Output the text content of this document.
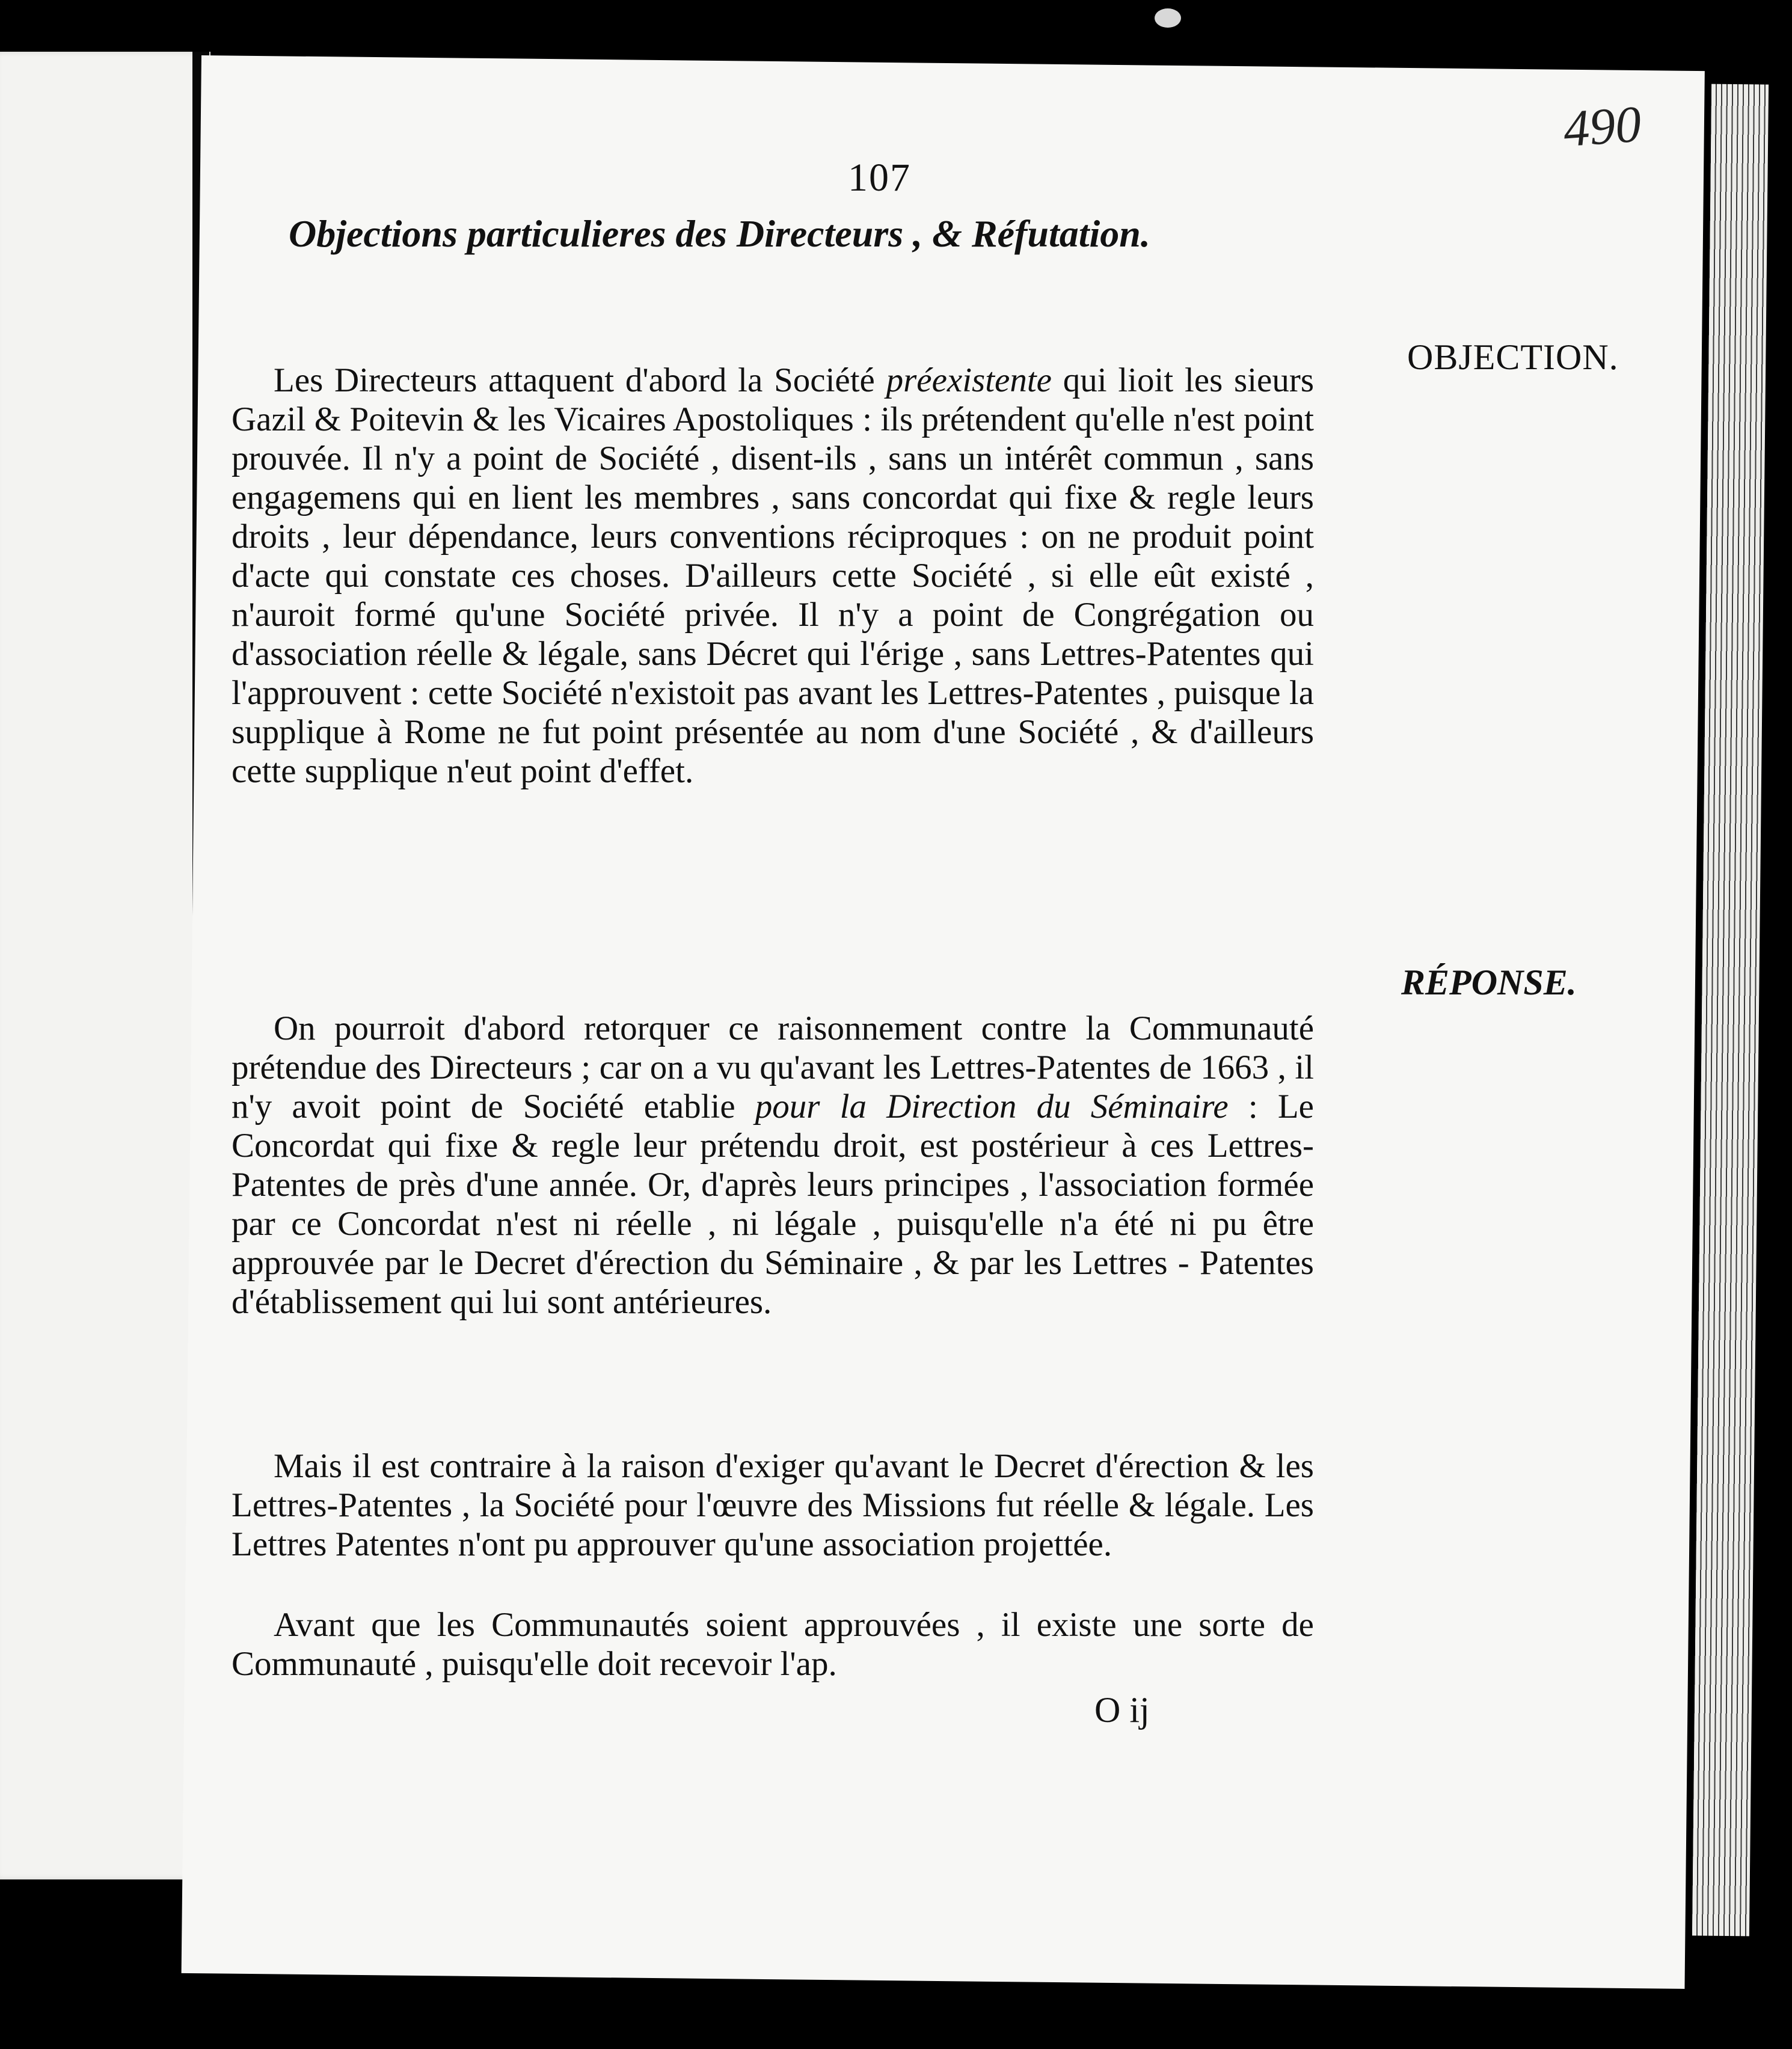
490
107
Objections particulieres des Directeurs , & Réfutation.
OBJECTION.
RÉPONSE.
Les Directeurs attaquent d'abord la Société préexistente qui lioit les sieurs Gazil & Poitevin & les Vicaires Apostoliques : ils prétendent qu'elle n'est point prouvée. Il n'y a point de Société , disent-ils , sans un intérêt commun , sans engagemens qui en lient les membres , sans concordat qui fixe & regle leurs droits , leur dépendance, leurs conventions réciproques : on ne produit point d'acte qui constate ces choses. D'ailleurs cette Société , si elle eût existé , n'auroit formé qu'une Société privée. Il n'y a point de Congrégation ou d'association réelle & légale, sans Décret qui l'érige , sans Lettres-Patentes qui l'approuvent : cette Société n'existoit pas avant les Lettres-Patentes , puisque la supplique à Rome ne fut point présentée au nom d'une Société , & d'ailleurs cette supplique n'eut point d'effet.
On pourroit d'abord retorquer ce raisonnement contre la Communauté prétendue des Directeurs ; car on a vu qu'avant les Lettres-Patentes de 1663 , il n'y avoit point de Société etablie pour la Direction du Séminaire : Le Concordat qui fixe & regle leur prétendu droit, est postérieur à ces Lettres-Patentes de près d'une année. Or, d'après leurs principes , l'association formée par ce Concordat n'est ni réelle , ni légale , puisqu'elle n'a été ni pu être approuvée par le Decret d'érection du Séminaire , & par les Lettres - Patentes d'établissement qui lui sont antérieures.
Mais il est contraire à la raison d'exiger qu'avant le Decret d'érection & les Lettres-Patentes , la Société pour l'œuvre des Missions fut réelle & légale. Les Lettres Patentes n'ont pu approuver qu'une association projettée.
Avant que les Communautés soient approuvées , il existe une sorte de Communauté , puisqu'elle doit recevoir l'ap.
O ij
